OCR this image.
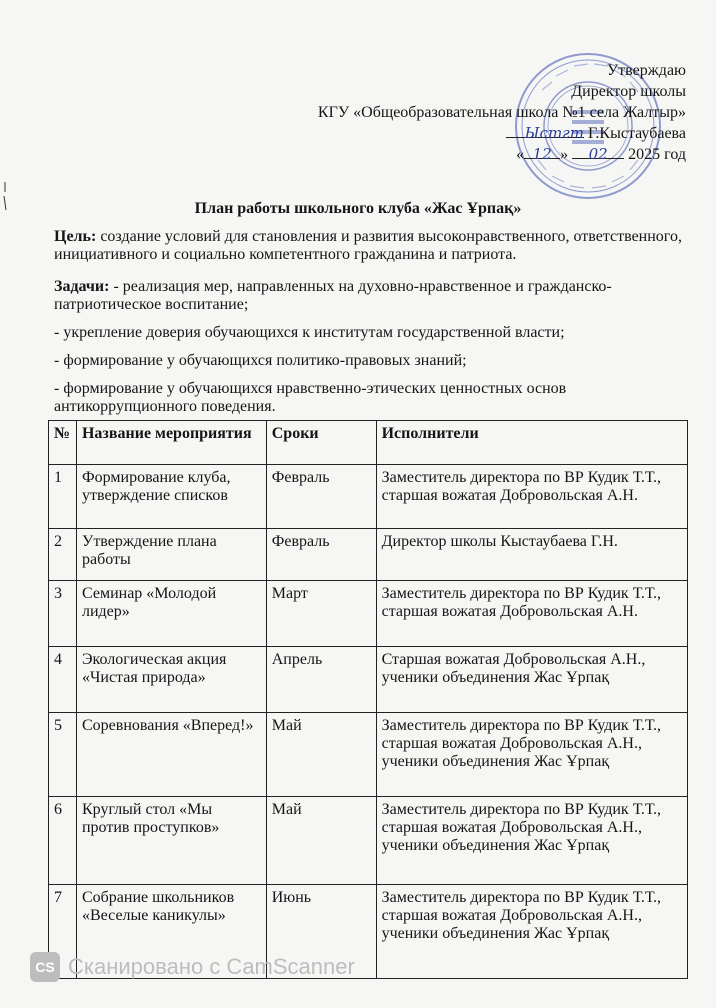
Утверждаю
Директор школы
КГУ «Общеобразовательная школа №1 села Жалтыр»
Ыстгт Г.Кыстаубаева
« 12 » 02 2025 год
План работы школьного клуба «Жас Ұрпақ»
Цель: создание условий для становления и развития высоконравственного, ответственного, инициативного и социально компетентного гражданина и патриота.
Задачи: - реализация мер, направленных на духовно-нравственное и гражданско-патриотическое воспитание;
- укрепление доверия обучающихся к институтам государственной власти;
- формирование у обучающихся политико-правовых знаний;
- формирование у обучающихся нравственно-этических ценностных основ антикоррупционного поведения.
№	Название мероприятия	Сроки	Исполнители
1	Формирование клуба, утверждение списков	Февраль	Заместитель директора по ВР Кудик Т.Т., старшая вожатая Добровольская А.Н.
2	Утверждение плана работы	Февраль	Директор школы Кыстаубаева Г.Н.
3	Семинар «Молодой лидер»	Март	Заместитель директора по ВР Кудик Т.Т., старшая вожатая Добровольская А.Н.
4	Экологическая акция «Чистая природа»	Апрель	Старшая вожатая Добровольская А.Н., ученики объединения Жас Ұрпақ
5	Соревнования «Вперед!»	Май	Заместитель директора по ВР Кудик Т.Т., старшая вожатая Добровольская А.Н., ученики объединения Жас Ұрпақ
6	Круглый стол «Мы против проступков»	Май	Заместитель директора по ВР Кудик Т.Т., старшая вожатая Добровольская А.Н., ученики объединения Жас Ұрпақ
7	Собрание школьников «Веселые каникулы»	Июнь	Заместитель директора по ВР Кудик Т.Т., старшая вожатая Добровольская А.Н., ученики объединения Жас Ұрпақ
CS Сканировано с CamScanner
